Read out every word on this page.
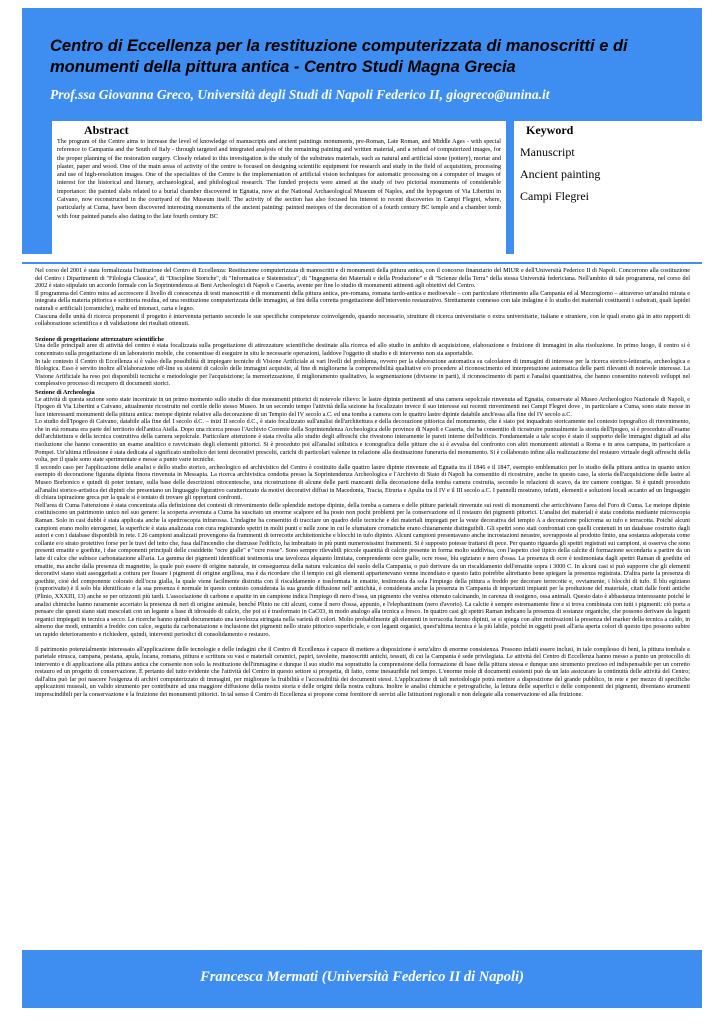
Centro di Eccellenza per la restituzione computerizzata di manoscritti e di monumenti della pittura antica - Centro Studi Magna Grecia

Prof.ssa Giovanna Greco, Università degli Studi di Napoli Federico II, giogreco@unina.it

Abstract

The program of the Centre aims to increase the level of knowledge of manuscripts and ancient paintings monuments, pre-Roman, Late Roman, and Middle Ages - with special reference to Campania and the South of Italy - through targeted and integrated analysis of the remaining painting and written material, and a refund of computerized images, for the proper planning of the restoration surgery. Closely related to this investigation is the study of the substrates materials, such as natural and artificial stone (pottery), mortar and plaster, paper and wood. One of the main areas of activity of the centre is focused on designing scientific equipment for research and study in the field of acquisition, processing and use of high-resolution images. One of the specialties of the Centre is the implementation of artificial vision techniques for automatic processing on a computer of images of interest for the historical and literary, archaeological, and philological research. The funded projects were aimed at the study of two pictorial monuments of considerable importance: the painted slabs related to a burial chamber discovered in Egnatia, now at the National Archaeological Museum of Naples, and the hypogeum of Via Libertini in Caivano, now reconstructed in the courtyard of the Museum itself. The activity of the section has also focused his interest to recent discoveries in Campi Flegrei, where, particularly at Cuma, have been discovered interesting monuments of the ancient painting: painted metopes of the decoration of a fourth century BC temple and a chamber tomb with four painted panels also dating to the late fourth century BC

Keyword
Manuscript
Ancient painting
Campi Flegrei

Nel corso del 2001 è stata formalizzata l'istituzione del Centro di Eccellenza: Restituzione computerizzata di manoscritti e di monumenti della pittura antica, con il concorso finanziario del MIUR e dell'Università Federico II di Napoli. Concorrono alla costituzione del Centro i Dipartimenti di "Filologia Classica", di "Discipline Storiche", di "Informatica e Sistemistica", di "Ingegneria dei Materiali e della Produzione" e di "Scienze della Terra" della stessa Università federiciana. Nell'ambito di tale programma, nel corso del 2002 è stato stipulato un accordo formale con la Soprintendenza ai Beni Archeologici di Napoli e Caserta, avente per fine lo studio di monumenti attinenti agli obiettivi del Centro.

Il programma del Centro mira ad accrescere il livello di conoscenza di testi manoscritti e di monumenti della pittura antica, pre-romana, romana tardo-antica e medioevale – con particolare riferimento alla Campania ed al Mezzogiorno – attraverso un'analisi mirata e integrata della materia pittorica e scrittoria residua, ed una restituzione computerizzata delle immagini, ai fini della corretta progettazione dell'intervento restaurativo. Strettamente connesso con tale indagine è lo studio dei materiali costituenti i substrati, quali lapidei naturali e artificiali (ceramiche), malte ed intonaci, carta e legno.

Ciascuna delle unità di ricerca proponenti il progetto è intervenuta pertanto secondo le sue specifiche competenze coinvolgendo, quando necessario, strutture di ricerca universitarie o extra universitarie, italiane e straniere, con le quali erano già in atto rapporti di collaborazione scientifica e di validazione dei risultati ottenuti.

Sezione di progettazione attrezzature scientifiche

Una delle principali aree di attività del centro è stata focalizzata sulla progettazione di attrezzature scientifiche destinate alla ricerca ed allo studio in ambito di acquisizione, elaborazione e fruizione di immagini in alta risoluzione. In primo luogo, il centro si è concentrato sulla progettazione di un laboratorio mobile, che consentisse di eseguire in situ le necessarie operazioni, laddove l'oggetto di studio e di intervento non sia asportabile.

In tale contesto il Centro di Eccellenza si è valso della possibilità di impiegare tecniche di Visione Artificiale ai vari livelli del problema, ovvero per la elaborazione automatica su calcolatore di immagini di interesse per la ricerca storico-letteraria, archeologica e filologica. Esso è servito inoltre all'elaborazione off-line su sistemi di calcolo delle immagini acquisite, al fine di migliorarne la comprensibilità qualitative e/o procedere al riconoscimento ed interpretazione automatica delle parti rilevanti di notevole interesse. La Visione Artificiale ha reso poi disponibili tecniche e metodologie per l'acquisizione; la memorizzazione, il miglioramento qualitativo, la segmentazione (divisone in parti), il riconoscimento di parti e l'analisi quantitativa, che hanno consentito notevoli sviluppi nel complessivo processo di recupero di documenti storici.

Sezione di Archeologia

Le attività di questa sezione sono state incentrate in un primo momento sullo studio di due monumenti pittorici di notevole rilievo: le lastre dipinte pertinenti ad una camera sepolcrale rinvenuta ad Egnatia, conservate al Museo Archeologico Nazionale di Napoli, e l'Ipogeo di Via Libertini a Caivano, attualmente ricostruito nel cortile dello stesso Museo. In un secondo tempo l'attività della sezione ha focalizzato invece il suo interesse sui recenti rinvenimenti nei Campi Flegrei dove , in particolare a Cuma, sono state messe in luce interessanti monumenti della pittura antica: metope dipinte relative alla decorazione di un Tempio del IV secolo a.C. ed una tomba a camera con le quattro lastre dipinte databile anch'essa alla fine del IV secolo a.C.

Lo studio dell'Ipogeo di Caivano, databile alla fine del I secolo d.C. – inizi II secolo d.C., è stato focalizzato sull'analisi dell'architettura e della decorazione pittorica del monumento, che è stato poi inquadrato storicamente nel contesto topografico di rinvenimento, che in età romana era parte del territorio dell'antica Atella. Dopo una ricerca presso l'Archivio Corrente della Soprintendenza Archeologica delle province di Napoli e Caserta, che ha consentito di ricostruire puntualmente la storia dell'Ipogeo, si è proceduto all'esame dell'architettura e della tecnica costruttiva della camera sepolcrale. Particolare attenzione è stata rivolta allo studio degli affreschi che rivestono interamente le pareti interne dell'edificio. Fondamentale a tale scopo è stato il supporto delle immagini digitali ad alta risoluzione che hanno consentito un esame analitico e ravvicinato degli elementi pittorici. Si è proceduto poi all'analisi stilistica e iconografica delle pitture che si è avvalsa del confronto con altri monumenti attestati a Roma e in area campana, in particolare a Pompei. Un'ultima riflessione è stata dedicata al significato simbolico dei temi decorativi prescelti, carichi di particolari valenze in relazione alla destinazione funeraria del monumento. Si è collaborato infine alla realizzazione del restauro virtuale degli affreschi della volta, per il quale sono state sperimentate e messe a punto varie tecniche.

Il secondo caso per l'applicazione delle analisi e dello studio storico, archeologico ed archivistico del Centro è costituito dalle quattro lastre dipinte rinvenute ad Egnatia tra il 1846 e il 1847, esempio emblematico per lo studio della pittura antica in quanto unico esempio di decorazione figurata dipinta finora rinvenuta in Messapia. La ricerca archivistica condotta presso la Soprintendenza Archeologica e l'Archivio di Stato di Napoli ha consentito di ricostruire, anche in questo caso, la storia dell'acquisizione delle lastre al Museo Borbonico e quindi di poter tentare, sulla base delle descrizioni ottocentesche, una ricostruzione di alcune delle parti mancanti della decorazione della tomba camera costruita, secondo le relazioni di scavo, da tre camere contigue. Si è quindi proceduto all'analisi storico-artistica dei dipinti che presentano un linguaggio figurativo caratterizzato da motivi decorativi diffusi in Macedonia, Tracia, Etruria e Apulia tra il IV e il III secolo a.C. I pannelli mostrano, infatti, elementi e soluzioni locali accanto ad un linguaggio di chiara ispirazione greca per la quale si è tentato di trovare gli opportuni confronti.

Nell'area di Cuma l'attenzione è stata concentrata alla definizione dei contesti di rinvenimento delle splendide metope dipinte, della tomba a camera e delle pitture parietali rinvenute sui resti di monumenti che arricchivano l'area del Foro di Cuma. Le metope dipinte costituiscono un patrimonio unico nel suo genere: la scoperta avvenuta a Cuma ha suscitato un enorme scalpore ed ha posto non pochi problemi per la conservazione ed il restauro dei pigmenti pittorici. L'analisi dei materiali è stata condotta mediante microscopia Raman. Solo in casi dubbi è stata applicata anche la spettroscopia infrarossa. L'indagine ha consentito di tracciare un quadro delle tecniche e dei materiali impiegati per la veste decorativa del tempio A a decorazione policroma su tufo e terracotta. Poiché alcuni campioni erano molto eterogenei, la superficie è stata analizzata con cura registrando spettri in molti punti e nelle zone in cui le sfumature cromatiche erano chiaramente distinguibili. Gli spettri sono stati confrontati con quelli contenuti in un database costruito dagli autori e con i database disponibili in rete. I 26 campioni analizzati provengono da frammenti di terrecotte architettoniche e blocchi in tufo dipinto. Alcuni campioni presentavano anche incrostazioni nerastre, sovrapposte al prodotto finito, una sostanza adoperata come collante e/o strato protettivo forse per le travi del tetto che, fusa dall'incendio che distrusse l'edificio, ha imbrattato in più punti numerosissimi frammenti. Si è supposto potesse trattarsi di pece. Per quanto riguarda gli spettri registrati sui campioni, si osserva che sono presenti ematite e goethite, i due componenti principali delle cosiddette "ocre gialle" e "ocre rosse". Sono sempre rilevabili piccole quantità di calcite presente in forma molto suddivisa, con l'aspetto cioè tipico della calcite di formazione secondaria a partire da un latte di calce che subisce carbonatazione all'aria. La gamma dei pigmenti identificati testimonia una tavolozza alquanto limitata, comprendente ocre gialle, ocre rosse, blu egiziano e nero d'ossa. La presenza di ocre è testimoniata dagli spettri Raman di goethite ed ematite, ma anche dalla presenza di magnetite, la quale può essere di origine naturale, in conseguenza della natura vulcanica del suolo della Campania, o può derivare da un riscaldamento dell'ematite sopra i 3000 C. In alcuni casi si può supporre che gli elementi decorativi siano stati assoggettati a cottura per fissare i pigmenti di origine argillosa, ma è da ricordare che il tempio cui gli elementi appartenevano venne incendiato e questo fatto potrebbe altrettanto bene spiegare la presenza registrata. D'altra parte la presenza di goethite, cioè del componente colorato dell'ocra gialla, la quale viene facilmente distrutta con il riscaldamento e trasformata in ematite, testimonia da sola l'impiego della pittura a freddo per decorare terrecotte e, ovviamente, i blocchi di tufo. Il blu egiziano (cuprorivaite) è il solo blu identificato e la sua presenza è normale in questo contesto considerata la sua grande diffusione nell' antichità, è considerata anche la presenza in Campania di importanti impianti per la produzione del materiale, citati dalle fonti antiche (Plinio, XXXIII, 13) anche se per orizzonti più tardi. L'associazione di carbone e apatite in un campione indica l'impiego di nero d'ossa, un pigmento che veniva ottenuto calcinando, in carenza di ossigeno, ossa animali. Questo dato è abbastanza interessante poiché le analisi chimiche hanno raramente accertato la presenza di neri di origine animale, benché Plinio ne citi alcuni, come il nero d'ossa, appunto, e l'elephantinum (nero d'avorio). La calcite è sempre estremamente fine e si trova combinata con tutti i pigmenti: ciò porta a pensare che questi siano stati mescolati con un legante a base di idrossido di calcio, che poi si è trasformato in CaC03, in modo analogo alla tecnica a fresco. In quattro casi gli spettri Raman indicano la presenza di sostanze organiche, che possono derivare da leganti organici impiegati in tecnica a secco. Le ricerche hanno quindi documentato una tavolozza stringata nella varietà di colori. Molto probabilmente gli elementi in terracotta furono dipinti, se si spiega con altre motivazioni la presenza del marker della tecnica a caldo, in almeno due modi, entrambi a freddo: con calce, seguita da carbonatazione e inclusione dei pigmenti nello strato pittorico superficiale, e con leganti organici, quest'ultima tecnica è la più labile, poiché in oggetti posti all'aria aperta colori di questo tipo possono subire un rapido deterioramento e richiedere, quindi, interventi periodici di consolidamento e restauro.

Il patrimonio potenzialmente interessato all'applicazione delle tecnologie e delle indagini che il Centro di Eccellenza è capace di mettere a disposizione è senz'altro di enorme consistenza. Possono infatti essere inclusi, in tale complesso di beni, la pittura tombale e parietale etrusca, campana, pestana, apula, lucana, romana, pittura e scrittura su vasi e materiali ceramici, papiri, tavolette, manoscritti antichi, tessuti, di cui la Campania è sede privilegiata. Le attività del Centro di Eccellenza hanno messo a punto un protocollo di intervento e di applicazione alla pittura antica che consente non solo la restituzione dell'immagine e dunque il suo studio ma soprattutto la comprensione della formazione di base della pittura stessa e dunque uno strumento prezioso ed indispensabile per un corretto restauro ed un progetto di conservazione. È pertanto del tutto evidente che l'attività del Centro in questo settore si prospetta, di fatto, come inesauribile nel tempo. L'enorme mole di documenti esistenti può da un lato assicurare la continuità delle attività del Centro; dall'altra può far poi nascere l'esigenza di archivi computerizzato di immagini, per migliorare la fruibilità e l'accessibilità dei documenti stessi. L'applicazione di tali metodologie potrà mettere a disposizione del grande pubblico, in rete e per mezzo di specifiche applicazioni museali, un valido strumento per contribuire ad una maggiore diffusione della nostra storia e delle origini della nostra cultura. Inoltre le analisi chimiche e petrografiche, la lettura delle superfici e delle componenti dei pigmenti, diventano strumenti imprescindibili per la conservazione e la fruizione dei monumenti pittorici. In tal senso il Centro di Eccellenza si propone come fornitore di servizi alle Istituzioni regionali e non delegate alla conservazione ed alla fruizione.

Francesca Mermati (Università Federico II di Napoli)
